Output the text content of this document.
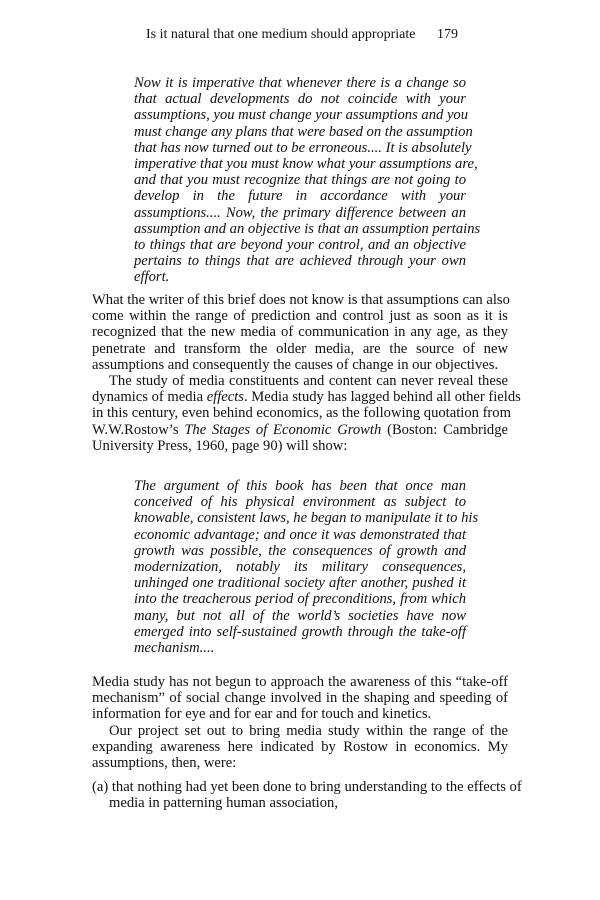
Is it natural that one medium should appropriate 179
Now it is imperative that whenever there is a change so
that actual developments do not coincide with your
assumptions, you must change your assumptions and you
must change any plans that were based on the assumption
that has now turned out to be erroneous.... It is absolutely
imperative that you must know what your assumptions are,
and that you must recognize that things are not going to
develop in the future in accordance with your
assumptions.... Now, the primary difference between an
assumption and an objective is that an assumption pertains
to things that are beyond your control, and an objective
pertains to things that are achieved through your own
effort.
What the writer of this brief does not know is that assumptions can also
come within the range of prediction and control just as soon as it is
recognized that the new media of communication in any age, as they
penetrate and transform the older media, are the source of new
assumptions and consequently the causes of change in our objectives.
The study of media constituents and content can never reveal these
dynamics of media effects. Media study has lagged behind all other fields
in this century, even behind economics, as the following quotation from
W.W.Rostow’s The Stages of Economic Growth (Boston: Cambridge
University Press, 1960, page 90) will show:
The argument of this book has been that once man
conceived of his physical environment as subject to
knowable, consistent laws, he began to manipulate it to his
economic advantage; and once it was demonstrated that
growth was possible, the consequences of growth and
modernization, notably its military consequences,
unhinged one traditional society after another, pushed it
into the treacherous period of preconditions, from which
many, but not all of the world’s societies have now
emerged into self-sustained growth through the take-off
mechanism....
Media study has not begun to approach the awareness of this “take-off
mechanism” of social change involved in the shaping and speeding of
information for eye and for ear and for touch and kinetics.
Our project set out to bring media study within the range of the
expanding awareness here indicated by Rostow in economics. My
assumptions, then, were:
(a) that nothing had yet been done to bring understanding to the effects of
media in patterning human association,
